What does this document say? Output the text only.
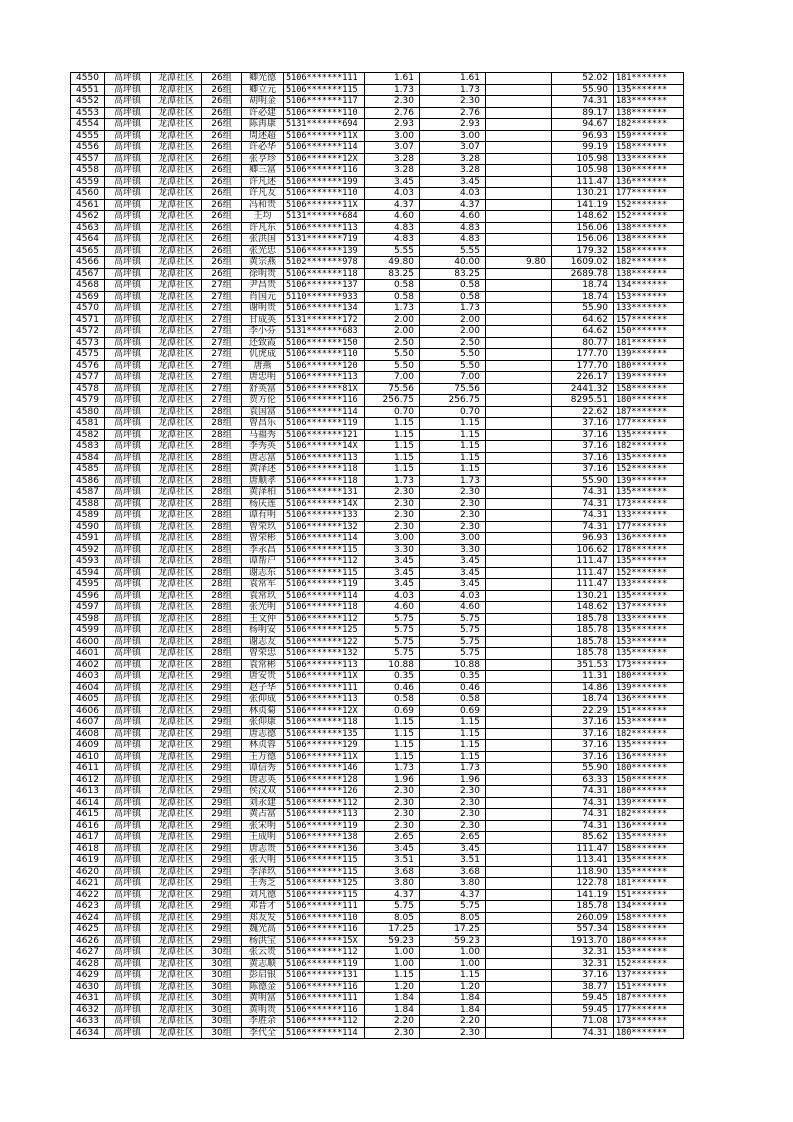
4550	高坪镇	龙潭社区	26组	卿光德	5106*******111	1.61	1.61		52.02	181*******
4551	高坪镇	龙潭社区	26组	卿立元	5106*******115	1.73	1.73		55.90	135*******
4552	高坪镇	龙潭社区	26组	胡明金	5106*******117	2.30	2.30		74.31	183*******
4553	高坪镇	龙潭社区	26组	许必建	5106*******110	2.76	2.76		89.17	138*******
4554	高坪镇	龙潭社区	26组	陈再康	5131*******694	2.93	2.93		94.67	182*******
4555	高坪镇	龙潭社区	26组	周述超	5106*******11X	3.00	3.00		96.93	159*******
4556	高坪镇	龙潭社区	26组	许必华	5106*******114	3.07	3.07		99.19	158*******
4557	高坪镇	龙潭社区	26组	张亨珍	5106*******12X	3.28	3.28		105.98	133*******
4558	高坪镇	龙潭社区	26组	卿三富	5106*******116	3.28	3.28		105.98	130*******
4559	高坪镇	龙潭社区	26组	许凡述	5106*******199	3.45	3.45		111.47	136*******
4560	高坪镇	龙潭社区	26组	许凡友	5106*******110	4.03	4.03		130.21	177*******
4561	高坪镇	龙潭社区	26组	冯和贵	5106*******11X	4.37	4.37		141.19	152*******
4562	高坪镇	龙潭社区	26组	王均	5131*******684	4.60	4.60		148.62	152*******
4563	高坪镇	龙潭社区	26组	许凡东	5106*******113	4.83	4.83		156.06	138*******
4564	高坪镇	龙潭社区	26组	张洪国	5131*******719	4.83	4.83		156.06	138*******
4565	高坪镇	龙潭社区	26组	张光忠	5106*******139	5.55	5.55		179.32	158*******
4566	高坪镇	龙潭社区	26组	黄宗燕	5102*******978	49.80	40.00	9.80	1609.02	182*******
4567	高坪镇	龙潭社区	26组	徐明贵	5106*******118	83.25	83.25		2689.78	138*******
4568	高坪镇	龙潭社区	27组	尹昌贵	5106*******137	0.58	0.58		18.74	134*******
4569	高坪镇	龙潭社区	27组	肖国元	5110*******933	0.58	0.58		18.74	153*******
4570	高坪镇	龙潭社区	27组	谢明贵	5106*******134	1.73	1.73		55.90	133*******
4571	高坪镇	龙潭社区	27组	甘成英	5131*******172	2.00	2.00		64.62	157*******
4572	高坪镇	龙潭社区	27组	李小芬	5131*******683	2.00	2.00		64.62	150*******
4573	高坪镇	龙潭社区	27组	还致霞	5106*******150	2.50	2.50		80.77	181*******
4575	高坪镇	龙潭社区	27组	仉虎成	5106*******110	5.50	5.50		177.70	139*******
4576	高坪镇	龙潭社区	27组	唐燕	5106*******120	5.50	5.50		177.70	180*******
4577	高坪镇	龙潭社区	27组	唐忠明	5106*******113	7.00	7.00		226.17	139*******
4578	高坪镇	龙潭社区	27组	舒英富	5106*******81X	75.56	75.56		2441.32	158*******
4579	高坪镇	龙潭社区	27组	贺方伦	5106*******116	256.75	256.75		8295.51	180*******
4580	高坪镇	龙潭社区	28组	袁国富	5106*******114	0.70	0.70		22.62	187*******
4581	高坪镇	龙潭社区	28组	曾昌乐	5106*******119	1.15	1.15		37.16	177*******
4582	高坪镇	龙潭社区	28组	马福秀	5106*******121	1.15	1.15		37.16	135*******
4583	高坪镇	龙潭社区	28组	李秀英	5106*******14X	1.15	1.15		37.16	182*******
4584	高坪镇	龙潭社区	28组	唐志富	5106*******113	1.15	1.15		37.16	135*******
4585	高坪镇	龙潭社区	28组	黄泽述	5106*******118	1.15	1.15		37.16	152*******
4586	高坪镇	龙潭社区	28组	唐顺孝	5106*******118	1.73	1.73		55.90	139*******
4587	高坪镇	龙潭社区	28组	黄泽柏	5106*******131	2.30	2.30		74.31	135*******
4588	高坪镇	龙潭社区	28组	杨庆莲	5106*******14X	2.30	2.30		74.31	173*******
4589	高坪镇	龙潭社区	28组	谭有明	5106*******133	2.30	2.30		74.31	133*******
4590	高坪镇	龙潭社区	28组	曾荣玖	5106*******132	2.30	2.30		74.31	177*******
4591	高坪镇	龙潭社区	28组	曾荣彬	5106*******114	3.00	3.00		96.93	136*******
4592	高坪镇	龙潭社区	28组	李永昌	5106*******115	3.30	3.30		106.62	178*******
4593	高坪镇	龙潭社区	28组	谭帮户	5106*******112	3.45	3.45		111.47	135*******
4594	高坪镇	龙潭社区	28组	谢志东	5106*******115	3.45	3.45		111.47	152*******
4595	高坪镇	龙潭社区	28组	袁常军	5106*******119	3.45	3.45		111.47	133*******
4596	高坪镇	龙潭社区	28组	袁常玖	5106*******114	4.03	4.03		130.21	135*******
4597	高坪镇	龙潭社区	28组	张光明	5106*******118	4.60	4.60		148.62	137*******
4598	高坪镇	龙潭社区	28组	王文仲	5106*******112	5.75	5.75		185.78	133*******
4599	高坪镇	龙潭社区	28组	杨明安	5106*******125	5.75	5.75		185.78	135*******
4600	高坪镇	龙潭社区	28组	谢志友	5106*******122	5.75	5.75		185.78	153*******
4601	高坪镇	龙潭社区	28组	曾荣忠	5106*******132	5.75	5.75		185.78	135*******
4602	高坪镇	龙潭社区	28组	袁常彬	5106*******113	10.88	10.88		351.53	173*******
4603	高坪镇	龙潭社区	29组	唐安贵	5106*******11X	0.35	0.35		11.31	180*******
4604	高坪镇	龙潭社区	29组	赵子华	5106*******111	0.46	0.46		14.86	139*******
4605	高坪镇	龙潭社区	29组	张仰成	5106*******113	0.58	0.58		18.74	136*******
4606	高坪镇	龙潭社区	29组	林贞菊	5106*******12X	0.69	0.69		22.29	151*******
4607	高坪镇	龙潭社区	29组	张仰康	5106*******118	1.15	1.15		37.16	153*******
4608	高坪镇	龙潭社区	29组	唐志德	5106*******135	1.15	1.15		37.16	182*******
4609	高坪镇	龙潭社区	29组	林贞蓉	5106*******129	1.15	1.15		37.16	135*******
4610	高坪镇	龙潭社区	29组	王万德	5106*******11X	1.15	1.15		37.16	136*******
4611	高坪镇	龙潭社区	29组	谭信秀	5106*******146	1.73	1.73		55.90	180*******
4612	高坪镇	龙潭社区	29组	唐志英	5106*******128	1.96	1.96		63.33	150*******
4613	高坪镇	龙潭社区	29组	侯汉双	5106*******126	2.30	2.30		74.31	180*******
4614	高坪镇	龙潭社区	29组	刘永建	5106*******112	2.30	2.30		74.31	139*******
4615	高坪镇	龙潭社区	29组	黄占富	5106*******113	2.30	2.30		74.31	182*******
4616	高坪镇	龙潭社区	29组	张宋明	5106*******119	2.30	2.30		74.31	136*******
4617	高坪镇	龙潭社区	29组	王成明	5106*******138	2.65	2.65		85.62	135*******
4618	高坪镇	龙潭社区	29组	唐志贵	5106*******136	3.45	3.45		111.47	158*******
4619	高坪镇	龙潭社区	29组	张大明	5106*******115	3.51	3.51		113.41	135*******
4620	高坪镇	龙潭社区	29组	李泽玖	5106*******115	3.68	3.68		118.90	135*******
4621	高坪镇	龙潭社区	29组	王秀芝	5106*******125	3.80	3.80		122.78	181*******
4622	高坪镇	龙潭社区	29组	刘凡德	5106*******115	4.37	4.37		141.19	151*******
4623	高坪镇	龙潭社区	29组	邓晋才	5106*******111	5.75	5.75		185.78	134*******
4624	高坪镇	龙潭社区	29组	郑友发	5106*******110	8.05	8.05		260.09	158*******
4625	高坪镇	龙潭社区	29组	魏光高	5106*******116	17.25	17.25		557.34	158*******
4626	高坪镇	龙潭社区	29组	杨洪宝	5106*******15X	59.23	59.23		1913.70	180*******
4627	高坪镇	龙潭社区	30组	张云贵	5106*******112	1.00	1.00		32.31	153*******
4628	高坪镇	龙潭社区	30组	黄志顺	5106*******119	1.00	1.00		32.31	152*******
4629	高坪镇	龙潭社区	30组	彭启银	5106*******131	1.15	1.15		37.16	137*******
4630	高坪镇	龙潭社区	30组	陈德金	5106*******116	1.20	1.20		38.77	151*******
4631	高坪镇	龙潭社区	30组	黄明富	5106*******111	1.84	1.84		59.45	187*******
4632	高坪镇	龙潭社区	30组	黄明贵	5106*******116	1.84	1.84		59.45	177*******
4633	高坪镇	龙潭社区	30组	李胜余	5106*******112	2.20	2.20		71.08	173*******
4634	高坪镇	龙潭社区	30组	李代全	5106*******114	2.30	2.30		74.31	180*******
